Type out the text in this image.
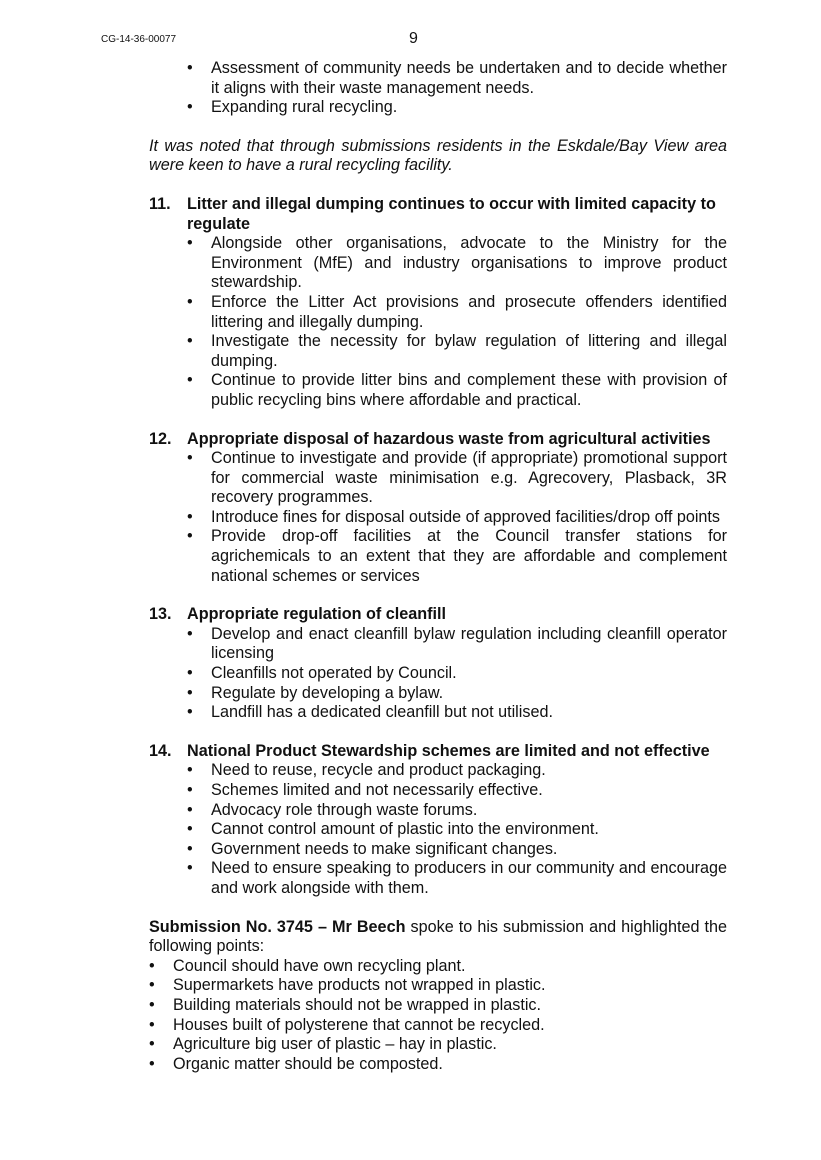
CG-14-36-00077	9
• Assessment of community needs be undertaken and to decide whether it aligns with their waste management needs.
• Expanding rural recycling.

It was noted that through submissions residents in the Eskdale/Bay View area were keen to have a rural recycling facility.

11.	Litter and illegal dumping continues to occur with limited capacity to regulate
• Alongside other organisations, advocate to the Ministry for the Environment (MfE) and industry organisations to improve product stewardship.
• Enforce the Litter Act provisions and prosecute offenders identified littering and illegally dumping.
• Investigate the necessity for bylaw regulation of littering and illegal dumping.
• Continue to provide litter bins and complement these with provision of public recycling bins where affordable and practical.
12. Appropriate disposal of hazardous waste from agricultural activities
• Continue to investigate and provide (if appropriate) promotional support for commercial waste minimisation e.g. Agrecovery, Plasback, 3R recovery programmes.
• Introduce fines for disposal outside of approved facilities/drop off points
• Provide drop-off facilities at the Council transfer stations for agrichemicals to an extent that they are affordable and complement national schemes or services
13. Appropriate regulation of cleanfill
• Develop and enact cleanfill bylaw regulation including cleanfill operator licensing
• Cleanfills not operated by Council.
• Regulate by developing a bylaw.
• Landfill has a dedicated cleanfill but not utilised.
14. National Product Stewardship schemes are limited and not effective
• Need to reuse, recycle and product packaging.
• Schemes limited and not necessarily effective.
• Advocacy role through waste forums.
• Cannot control amount of plastic into the environment.
• Government needs to make significant changes.
• Need to ensure speaking to producers in our community and encourage and work alongside with them.
Submission No. 3745 – Mr Beech spoke to his submission and highlighted the following points:
• Council should have own recycling plant.
• Supermarkets have products not wrapped in plastic.
• Building materials should not be wrapped in plastic.
• Houses built of polysterene that cannot be recycled.
• Agriculture big user of plastic – hay in plastic.
• Organic matter should be composted.
